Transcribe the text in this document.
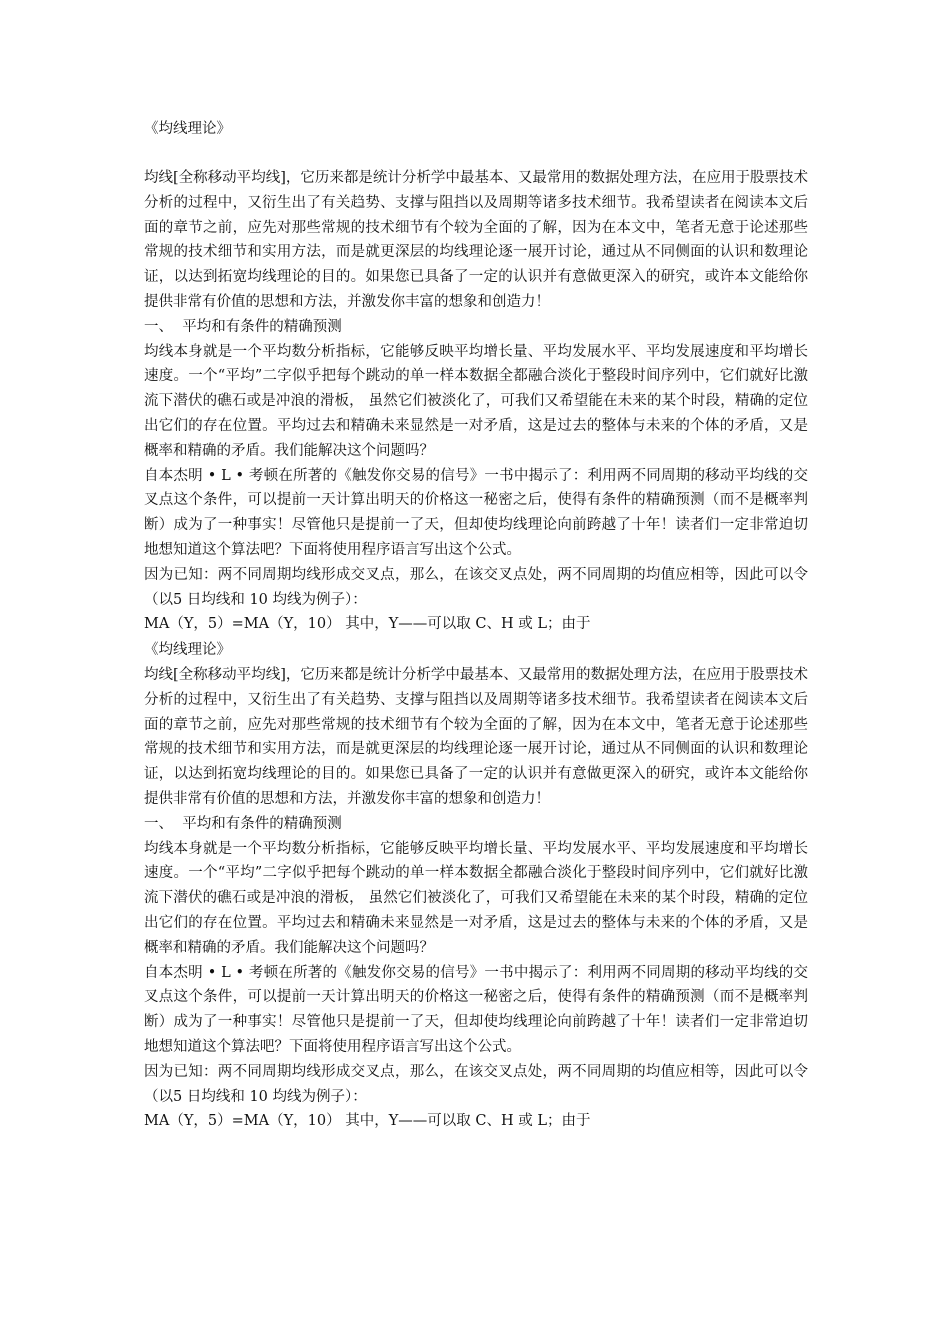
《均线理论》

均线[全称移动平均线]，它历来都是统计分析学中最基本、又最常用的数据处理方法，在应用于股票技术分析的过程中，又衍生出了有关趋势、支撑与阻挡以及周期等诸多技术细节。我希望读者在阅读本文后面的章节之前，应先对那些常规的技术细节有个较为全面的了解，因为在本文中，笔者无意于论述那些常规的技术细节和实用方法，而是就更深层的均线理论逐一展开讨论，通过从不同侧面的认识和数理论证，以达到拓宽均线理论的目的。如果您已具备了一定的认识并有意做更深入的研究，或许本文能给你提供非常有价值的思想和方法，并激发你丰富的想象和创造力！

一、  平均和有条件的精确预测

均线本身就是一个平均数分析指标，它能够反映平均增长量、平均发展水平、平均发展速度和平均增长速度。一个“平均”二字似乎把每个跳动的单一样本数据全都融合淡化于整段时间序列中，它们就好比激流下潜伏的礁石或是冲浪的滑板， 虽然它们被淡化了，可我们又希望能在未来的某个时段，精确的定位出它们的存在位置。平均过去和精确未来显然是一对矛盾，这是过去的整体与未来的个体的矛盾，又是概率和精确的矛盾。我们能解决这个问题吗？

自本杰明 • L • 考顿在所著的《触发你交易的信号》一书中揭示了：利用两不同周期的移动平均线的交叉点这个条件，可以提前一天计算出明天的价格这一秘密之后，使得有条件的精确预测（而不是概率判断）成为了一种事实！尽管他只是提前一了天，但却使均线理论向前跨越了十年！读者们一定非常迫切地想知道这个算法吧？下面将使用程序语言写出这个公式。

因为已知：两不同周期均线形成交叉点，那么，在该交叉点处，两不同周期的均值应相等，因此可以令（以5 日均线和 10 均线为例子）：

MA（Y，5）=MA（Y，10） 其中，Y——可以取 C、H 或 L；由于

《均线理论》

均线[全称移动平均线]，它历来都是统计分析学中最基本、又最常用的数据处理方法，在应用于股票技术分析的过程中，又衍生出了有关趋势、支撑与阻挡以及周期等诸多技术细节。我希望读者在阅读本文后面的章节之前，应先对那些常规的技术细节有个较为全面的了解，因为在本文中，笔者无意于论述那些常规的技术细节和实用方法，而是就更深层的均线理论逐一展开讨论，通过从不同侧面的认识和数理论证，以达到拓宽均线理论的目的。如果您已具备了一定的认识并有意做更深入的研究，或许本文能给你提供非常有价值的思想和方法，并激发你丰富的想象和创造力！

一、  平均和有条件的精确预测

均线本身就是一个平均数分析指标，它能够反映平均增长量、平均发展水平、平均发展速度和平均增长速度。一个“平均”二字似乎把每个跳动的单一样本数据全都融合淡化于整段时间序列中，它们就好比激流下潜伏的礁石或是冲浪的滑板， 虽然它们被淡化了，可我们又希望能在未来的某个时段，精确的定位出它们的存在位置。平均过去和精确未来显然是一对矛盾，这是过去的整体与未来的个体的矛盾，又是概率和精确的矛盾。我们能解决这个问题吗？

自本杰明 • L • 考顿在所著的《触发你交易的信号》一书中揭示了：利用两不同周期的移动平均线的交叉点这个条件，可以提前一天计算出明天的价格这一秘密之后，使得有条件的精确预测（而不是概率判断）成为了一种事实！尽管他只是提前一了天，但却使均线理论向前跨越了十年！读者们一定非常迫切地想知道这个算法吧？下面将使用程序语言写出这个公式。

因为已知：两不同周期均线形成交叉点，那么，在该交叉点处，两不同周期的均值应相等，因此可以令（以5 日均线和 10 均线为例子）：

MA（Y，5）=MA（Y，10） 其中，Y——可以取 C、H 或 L；由于
